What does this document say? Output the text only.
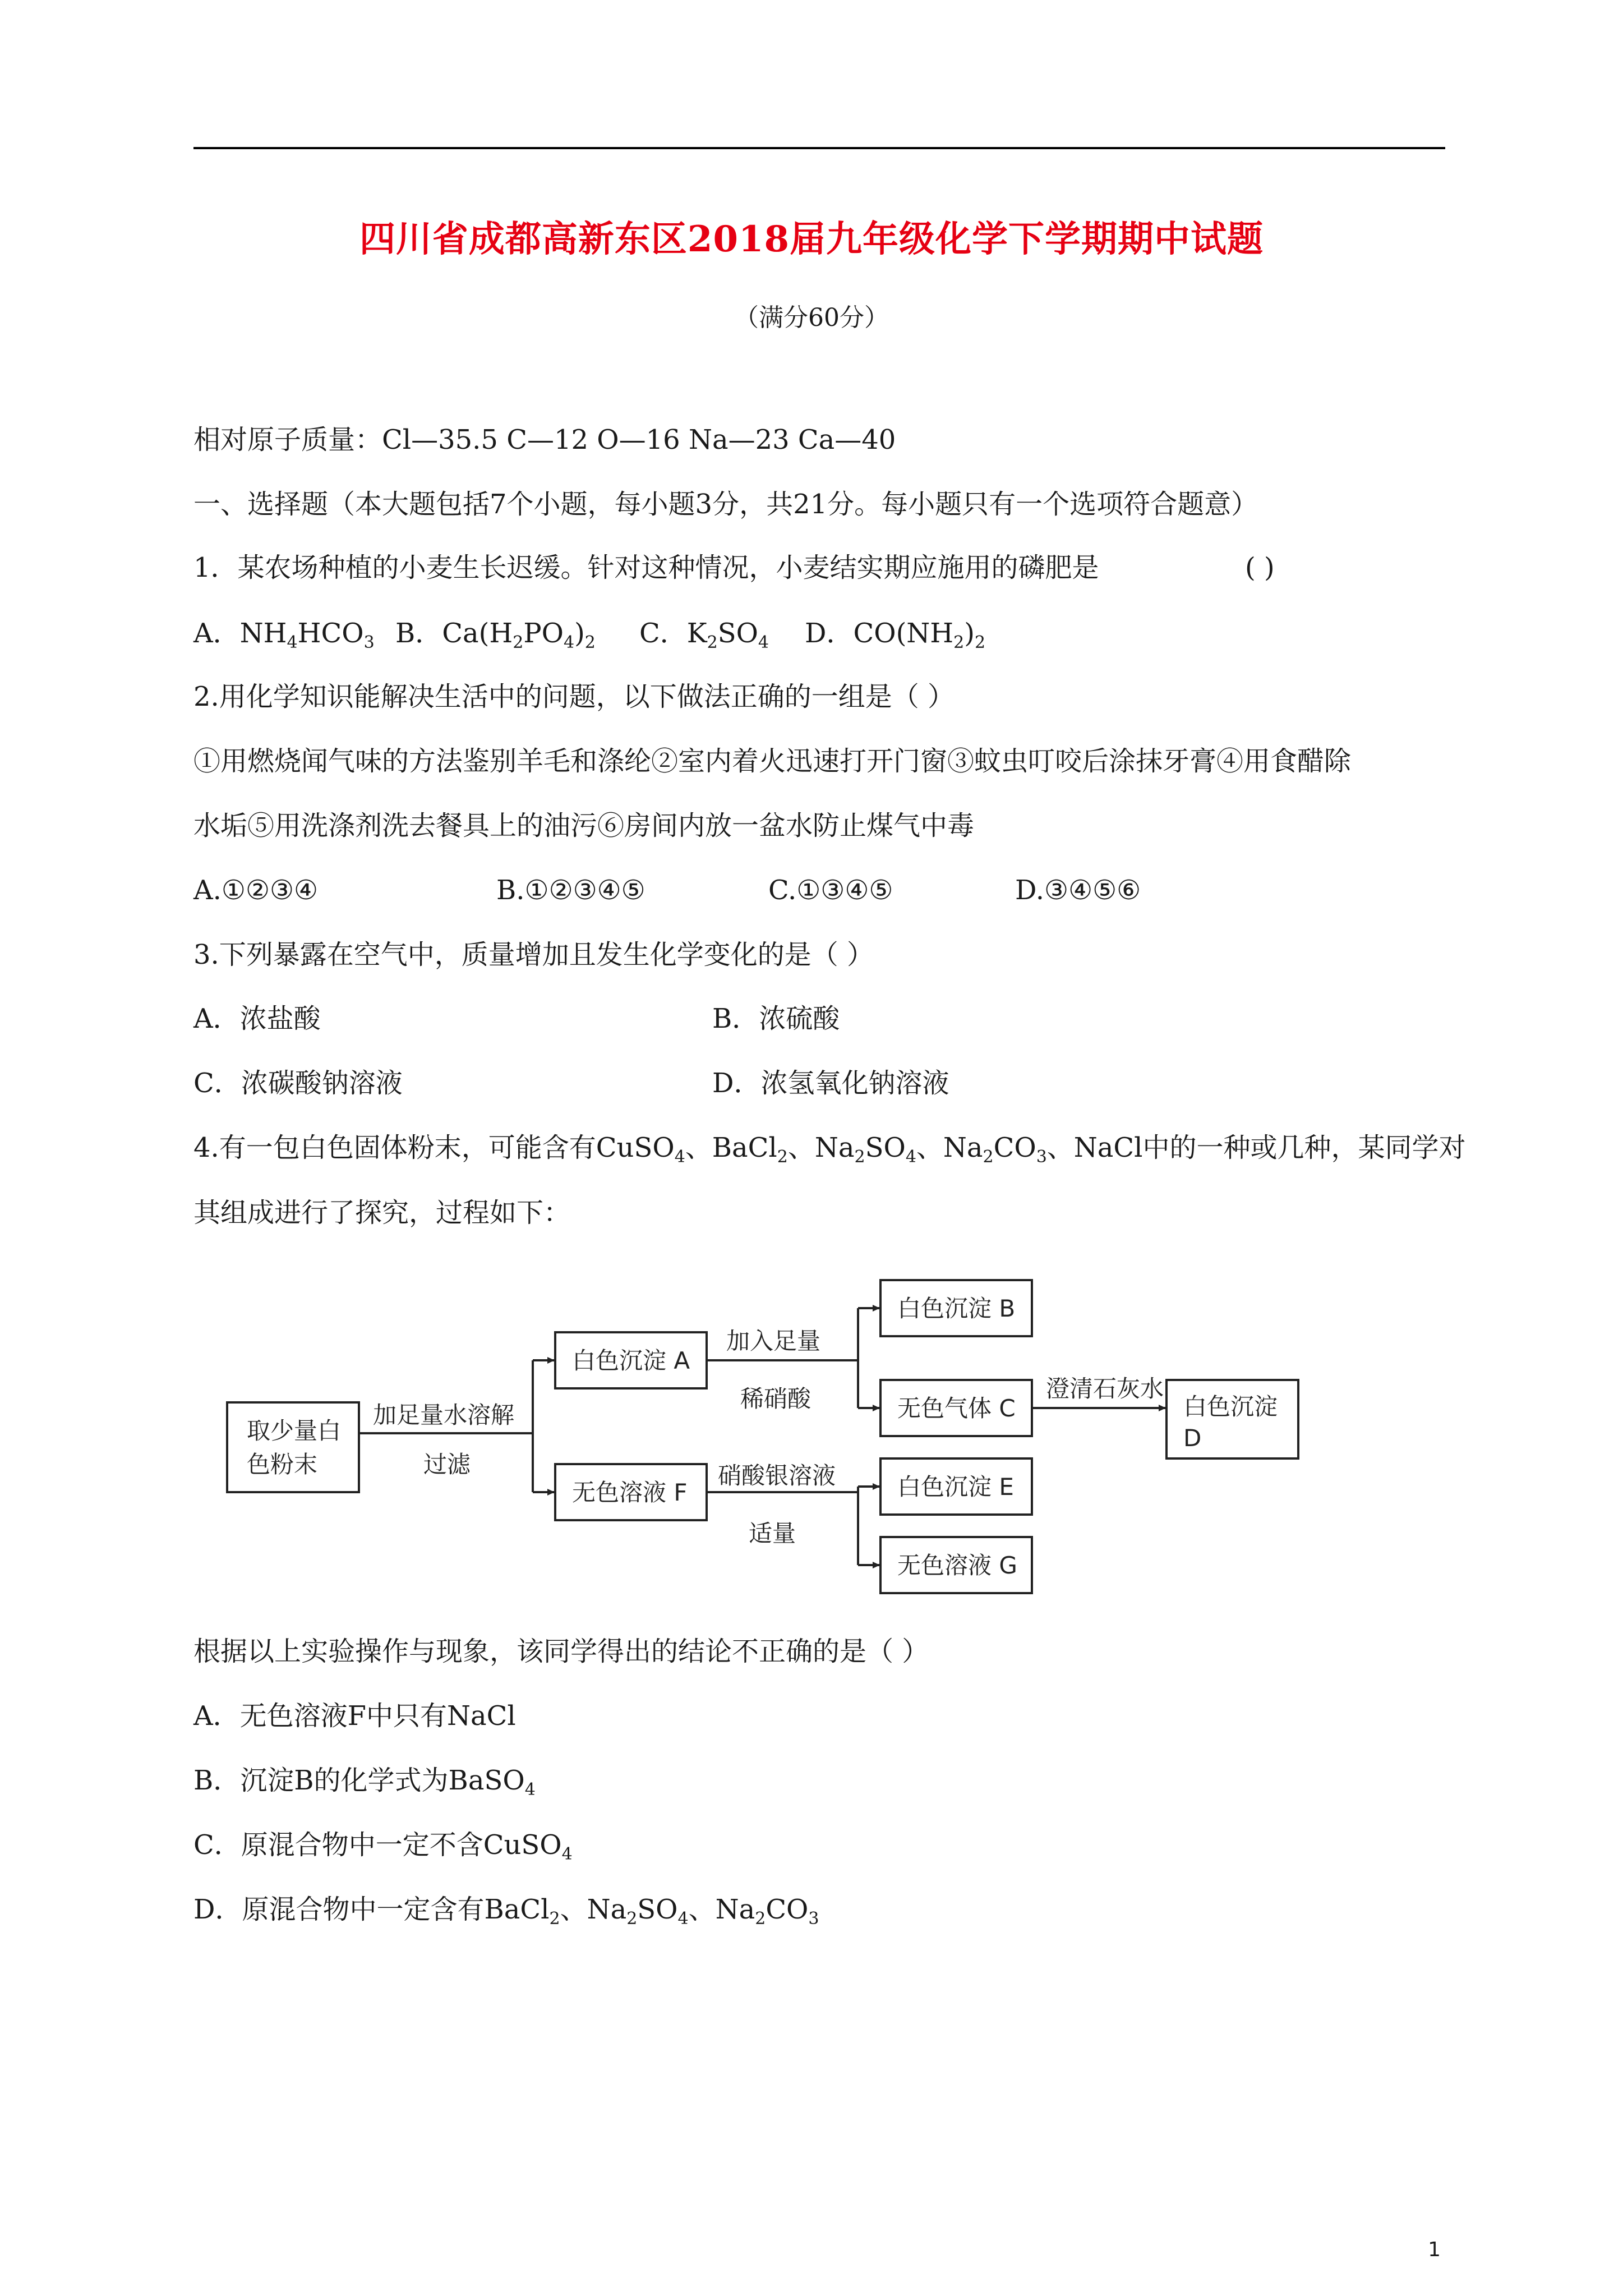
四川省成都高新东区2018届九年级化学下学期期中试题
（满分60分）
相对原子质量：Cl—35.5 C—12 O—16 Na—23 Ca—40
一、选择题（本大题包括7个小题，每小题3分，共21分。每小题只有一个选项符合题意）
1．某农场种植的小麦生长迟缓。针对这种情况，小麦结实期应施用的磷肥是	( )
A．$NH_4HCO_3$ B．$Ca(H_2PO_4)_2$ C．$K_2SO_4$ D．$CO(NH_2)_2$
2.用化学知识能解决生活中的问题，以下做法正确的一组是（ ）
①用燃烧闻气味的方法鉴别羊毛和涤纶②室内着火迅速打开门窗③蚊虫叮咬后涂抹牙膏④用食醋除
水垢⑤用洗涤剂洗去餐具上的油污⑥房间内放一盆水防止煤气中毒
A.①②③④	B.①②③④⑤	C.①③④⑤	D.③④⑤⑥
3.下列暴露在空气中，质量增加且发生化学变化的是（ ）
A．浓盐酸	B．浓硫酸
C．浓碳酸钠溶液	D．浓氢氧化钠溶液
4.有一包白色固体粉末，可能含有CuSO$_4$、BaCl$_2$、$Na_2SO_4$、$Na_2CO_3$、NaCl中的一种或几种，某同学对
其组成进行了探究，过程如下：
取少量白
色粉末
加足量水溶解
过滤
白色沉淀 A
无色溶液 F
加入足量
稀硝酸
硝酸银溶液
适量
白色沉淀 B
无色气体 C
白色沉淀 E
无色溶液 G
澄清石灰水
白色沉淀
D
根据以上实验操作与现象，该同学得出的结论不正确的是（ ）
A．无色溶液F中只有NaCl
B．沉淀B的化学式为BaSO$_4$
C．原混合物中一定不含CuSO$_4$
D．原混合物中一定含有BaCl$_2$、$Na_2SO_4$、$Na_2CO_3$
1
